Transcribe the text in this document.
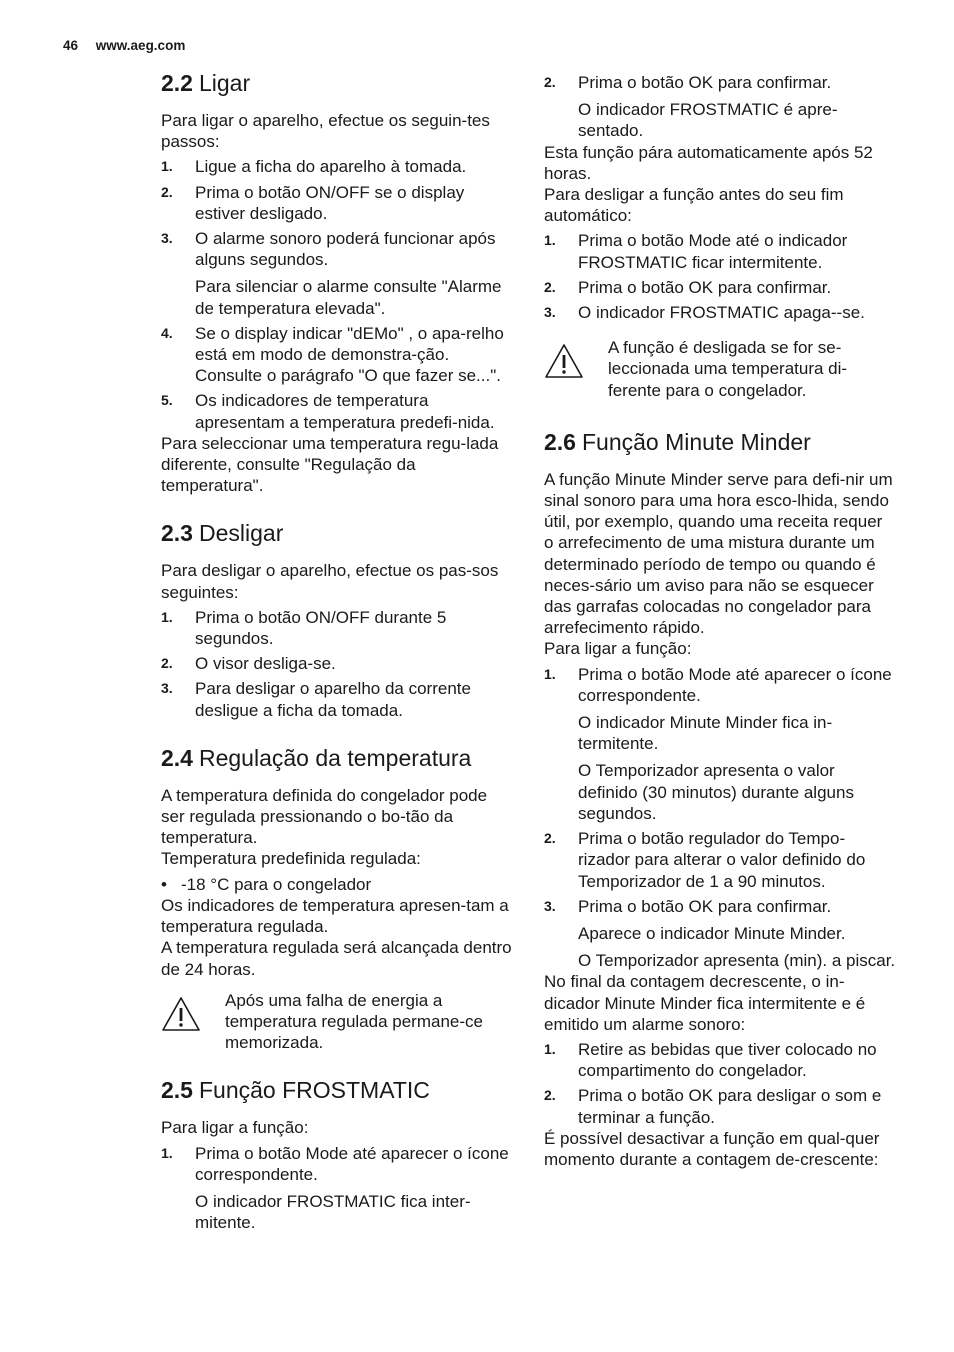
46 www.aeg.com
2.2 Ligar

Para ligar o aparelho, efectue os seguin-tes passos:

1. Ligue a ficha do aparelho à tomada.

2. Prima o botão ON/OFF se o display estiver desligado.

3. O alarme sonoro poderá funcionar após alguns segundos.

Para silenciar o alarme consulte "Alarme de temperatura elevada".

4. Se o display indicar "dEMo" , o apa-relho está em modo de demonstra-ção. Consulte o parágrafo "O que fazer se...".

5. Os indicadores de temperatura apresentam a temperatura predefi-nida.

Para seleccionar uma temperatura regu-lada diferente, consulte "Regulação da temperatura".

2.3 Desligar

Para desligar o aparelho, efectue os pas-sos seguintes:

1. Prima o botão ON/OFF durante 5 segundos.

2. O visor desliga-se.

3. Para desligar o aparelho da corrente desligue a ficha da tomada.

2.4 Regulação da temperatura

A temperatura definida do congelador pode ser regulada pressionando o bo-tão da temperatura.

Temperatura predefinida regulada:

• -18 °C para o congelador

Os indicadores de temperatura apresen-tam a temperatura regulada.

A temperatura regulada será alcançada dentro de 24 horas.

Após uma falha de energia a temperatura regulada permane-ce memorizada.

2.5 Função FROSTMATIC

Para ligar a função:

1. Prima o botão Mode até aparecer o ícone correspondente.

O indicador FROSTMATIC fica inter-mitente.

2. Prima o botão OK para confirmar.

O indicador FROSTMATIC é apre-sentado.

Esta função pára automaticamente após 52 horas.

Para desligar a função antes do seu fim automático:

1. Prima o botão Mode até o indicador FROSTMATIC ficar intermitente.

2. Prima o botão OK para confirmar.

3. O indicador FROSTMATIC apaga--se.

A função é desligada se for se-leccionada uma temperatura di-ferente para o congelador.

2.6 Função Minute Minder

A função Minute Minder serve para defi-nir um sinal sonoro para uma hora esco-lhida, sendo útil, por exemplo, quando uma receita requer o arrefecimento de uma mistura durante um determinado período de tempo ou quando é neces-sário um aviso para não se esquecer das garrafas colocadas no congelador para arrefecimento rápido.

Para ligar a função:

1. Prima o botão Mode até aparecer o ícone correspondente.

O indicador Minute Minder fica in-termitente.

O Temporizador apresenta o valor definido (30 minutos) durante alguns segundos.

2. Prima o botão regulador do Tempo-rizador para alterar o valor definido do Temporizador de 1 a 90 minutos.

3. Prima o botão OK para confirmar.

Aparece o indicador Minute Minder.

O Temporizador apresenta (min). a piscar.

No final da contagem decrescente, o in-dicador Minute Minder fica intermitente e é emitido um alarme sonoro:

1. Retire as bebidas que tiver colocado no compartimento do congelador.

2. Prima o botão OK para desligar o som e terminar a função.

É possível desactivar a função em qual-quer momento durante a contagem de-crescente:
